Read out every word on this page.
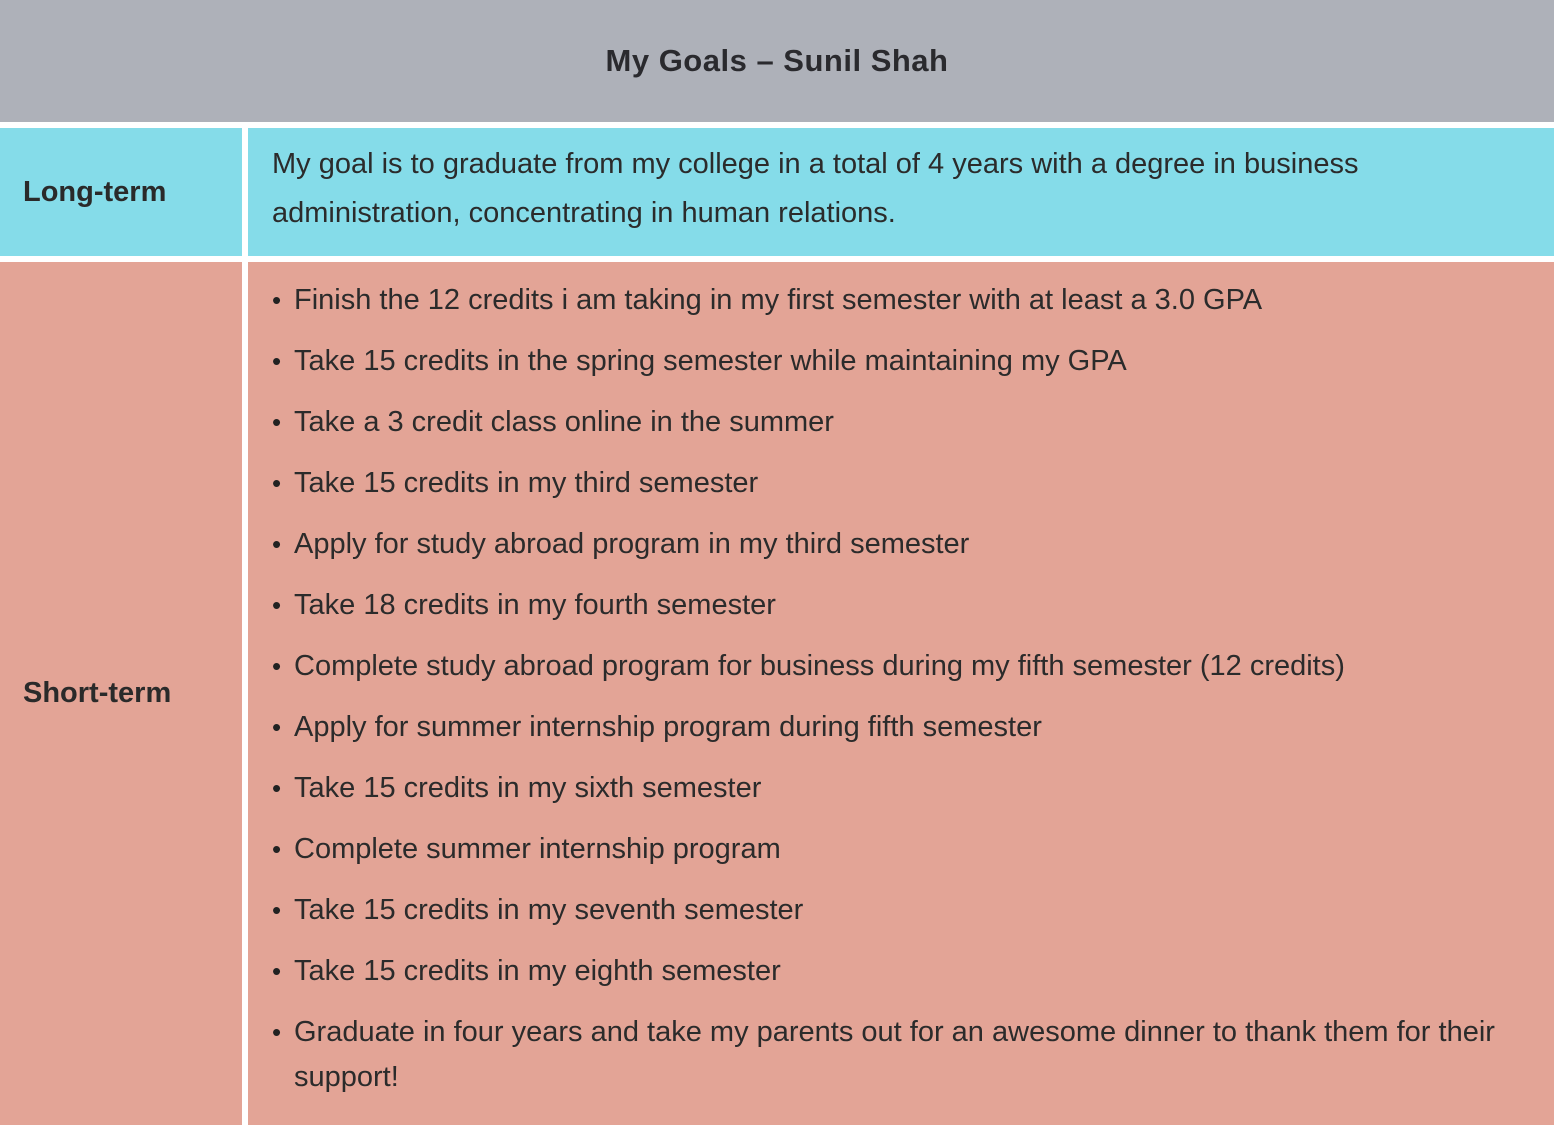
My Goals – Sunil Shah
Long-term
My goal is to graduate from my college in a total of 4 years with a degree in business administration, concentrating in human relations.
Short-term
• Finish the 12 credits i am taking in my first semester with at least a 3.0 GPA
• Take 15 credits in the spring semester while maintaining my GPA
• Take a 3 credit class online in the summer
• Take 15 credits in my third semester
• Apply for study abroad program in my third semester
• Take 18 credits in my fourth semester
• Complete study abroad program for business during my fifth semester (12 credits)
• Apply for summer internship program during fifth semester
• Take 15 credits in my sixth semester
• Complete summer internship program
• Take 15 credits in my seventh semester
• Take 15 credits in my eighth semester
• Graduate in four years and take my parents out for an awesome dinner to thank them for their support!
